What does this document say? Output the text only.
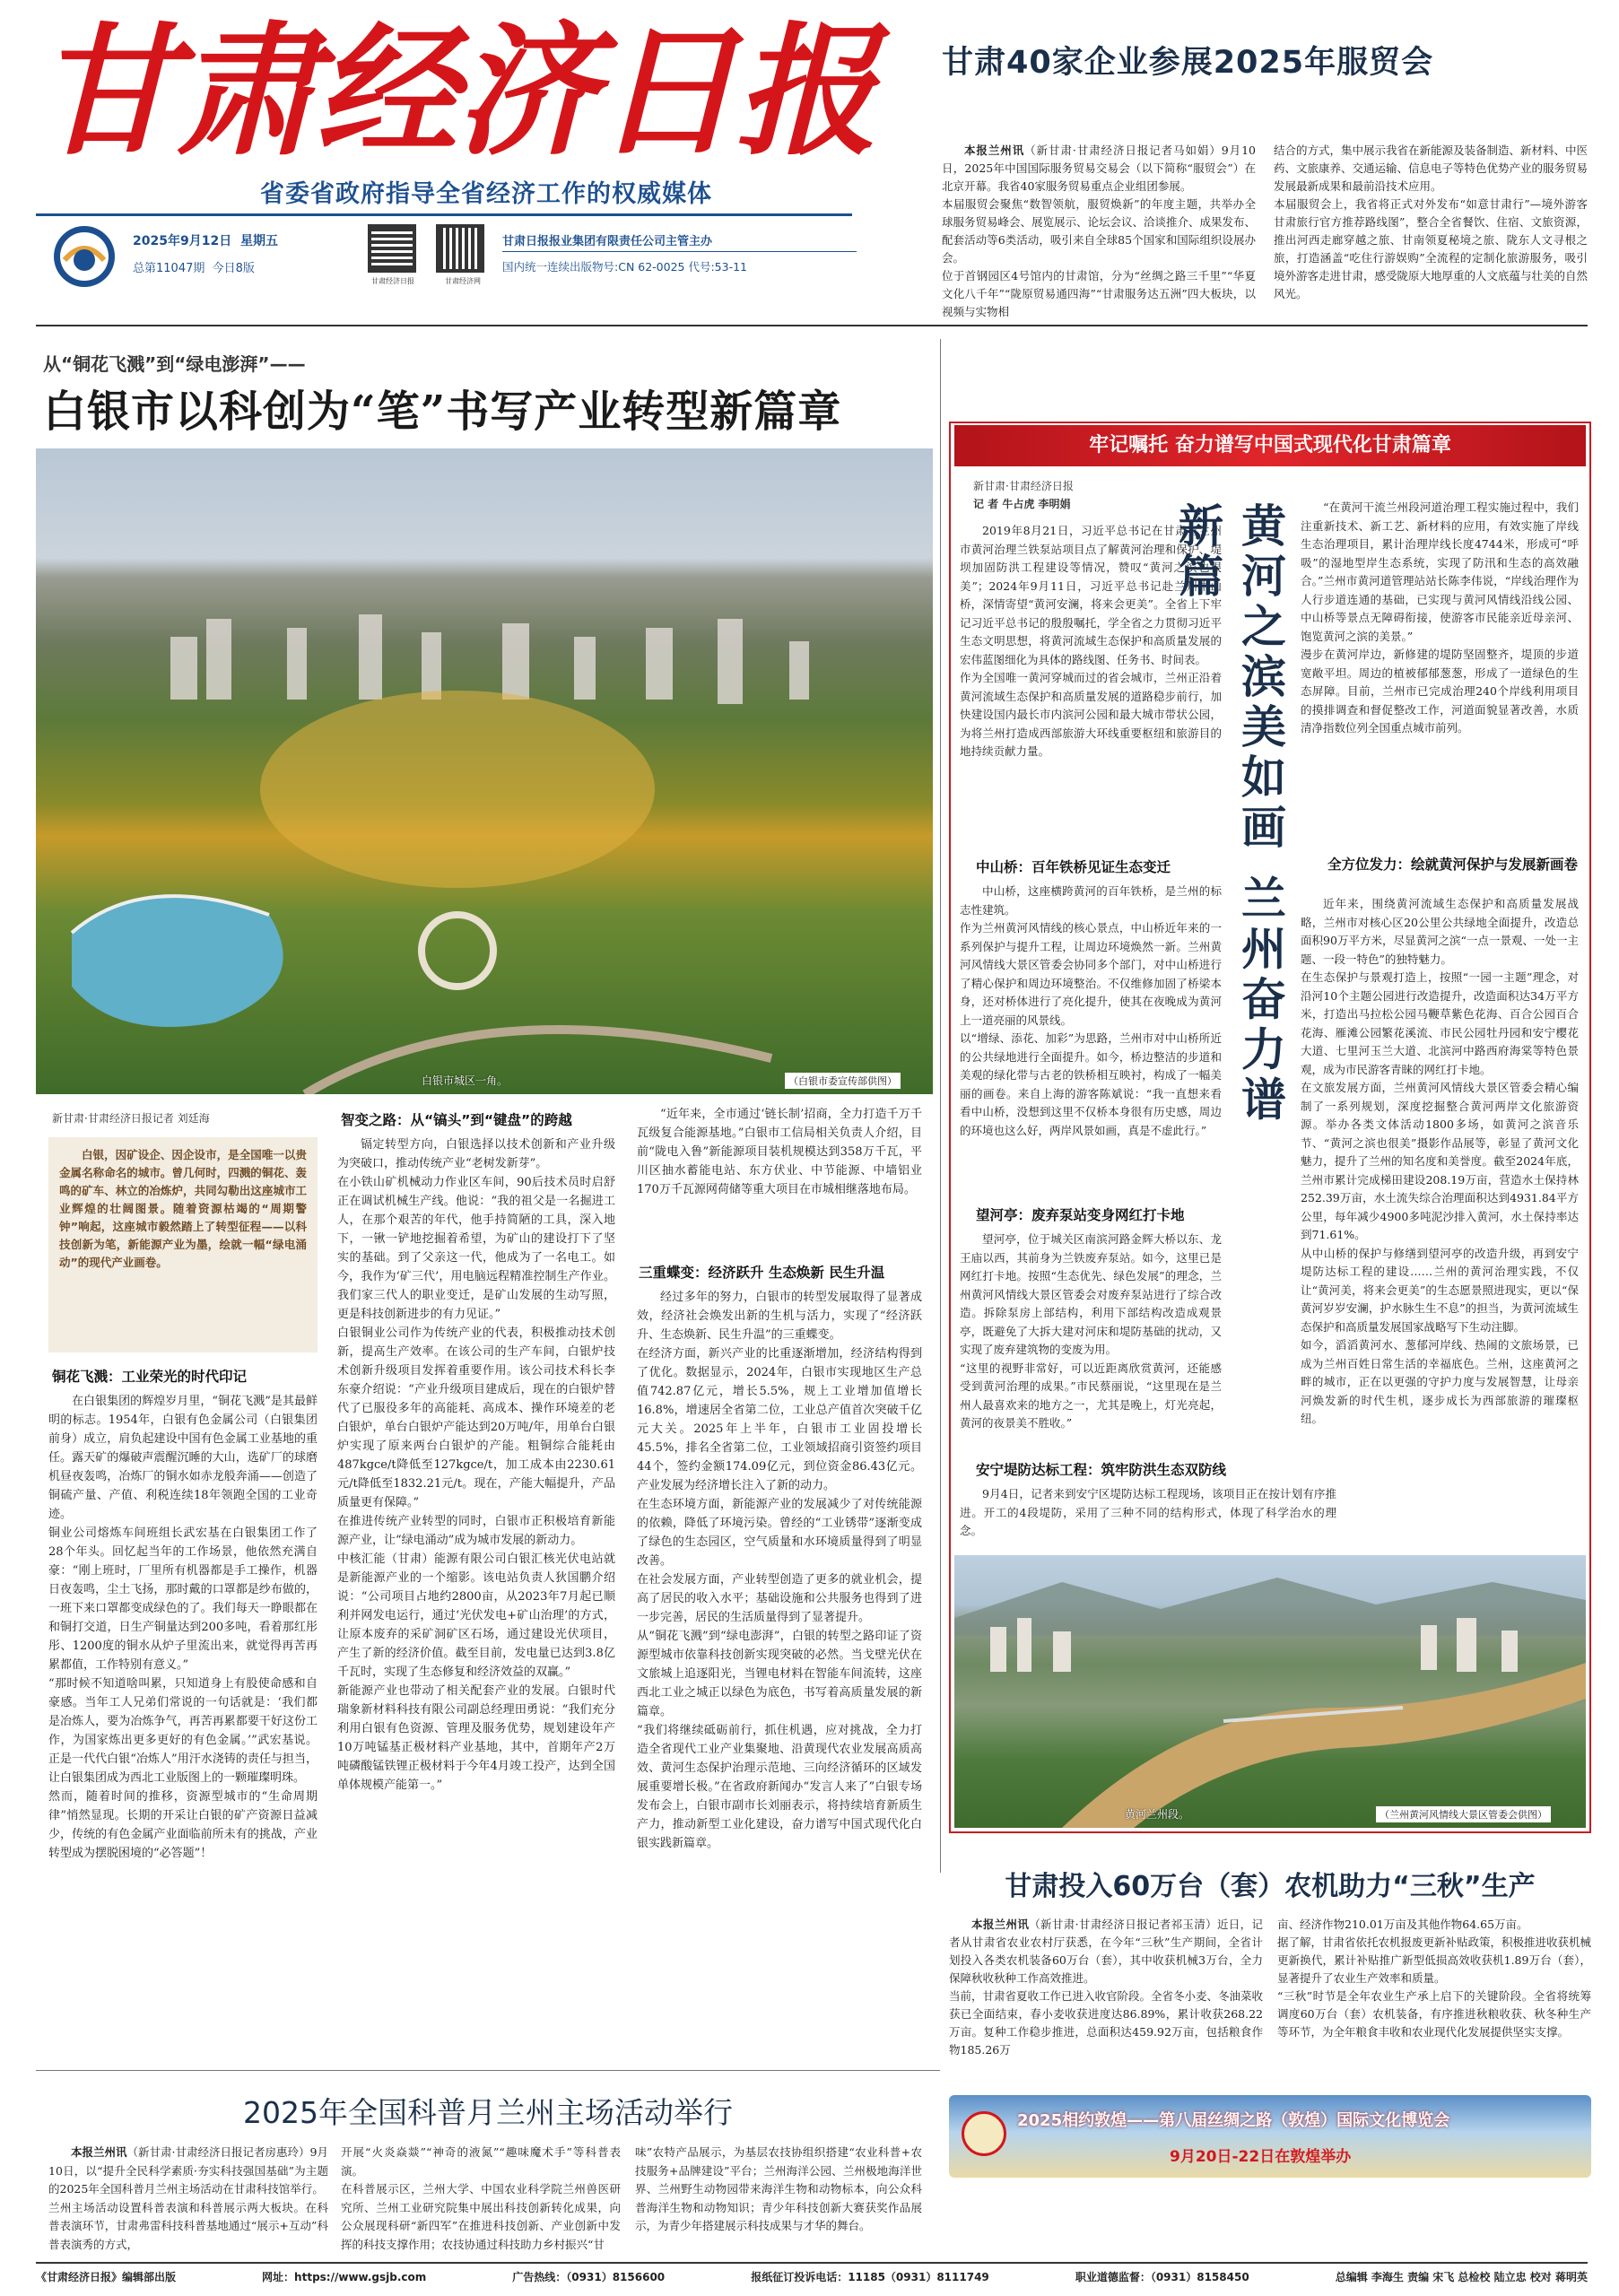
甘肃经济日报
省委省政府指导全省经济工作的权威媒体
2025年9月12日 星期五
总第11047期 今日8版
甘肃经济日报	甘肃经济网
甘肃日报报业集团有限责任公司主管主办
国内统一连续出版物号:CN 62-0025 代号:53-11
甘肃40家企业参展2025年服贸会

本报兰州讯（新甘肃·甘肃经济日报记者马如娟）9月10日，2025年中国国际服务贸易交易会（以下简称“服贸会”）在北京开幕。我省40家服务贸易重点企业组团参展。
本届服贸会聚焦“数智领航，服贸焕新”的年度主题，共举办全球服务贸易峰会、展览展示、论坛会议、洽谈推介、成果发布、配套活动等6类活动，吸引来自全球85个国家和国际组织设展办会。
位于首钢园区4号馆内的甘肃馆，分为“丝绸之路三千里”“华夏文化八千年”“陇原贸易通四海”“甘肃服务达五洲”四大板块，以视频与实物相

结合的方式，集中展示我省在新能源及装备制造、新材料、中医药、文旅康养、交通运输、信息电子等特色优势产业的服务贸易发展最新成果和最前沿技术应用。
本届服贸会上，我省将正式对外发布“如意甘肃行”—境外游客甘肃旅行官方推荐路线图”，整合全省餐饮、住宿、文旅资源，推出河西走廊穿越之旅、甘南领夏秘境之旅、陇东人文寻根之旅，打造涵盖“吃住行游娱购”全流程的定制化旅游服务，吸引境外游客走进甘肃，感受陇原大地厚重的人文底蕴与壮美的自然风光。

从“铜花飞溅”到“绿电澎湃”——
白银市以科创为“笔”书写产业转型新篇章
白银市城区一角。	（白银市委宣传部供图）
新甘肃·甘肃经济日报记者 刘廷海

白银，因矿设企、因企设市，是全国唯一以贵金属名称命名的城市。曾几何时，四溅的铜花、轰鸣的矿车、林立的冶炼炉，共同勾勒出这座城市工业辉煌的壮阔图景。随着资源枯竭的“周期警钟”响起，这座城市毅然踏上了转型征程——以科技创新为笔，新能源产业为墨，绘就一幅“绿电涌动”的现代产业画卷。

铜花飞溅：工业荣光的时代印记

在白银集团的辉煌岁月里，“铜花飞溅”是其最鲜明的标志。1954年，白银有色金属公司（白银集团前身）成立，肩负起建设中国有色金属工业基地的重任。露天矿的爆破声震醒沉睡的大山，选矿厂的球磨机昼夜轰鸣，冶炼厂的铜水如赤龙般奔涌——创造了铜硫产量、产值、利税连续18年领跑全国的工业奇迹。
铜业公司熔炼车间班组长武宏基在白银集团工作了28个年头。回忆起当年的工作场景，他依然充满自豪：“刚上班时，厂里所有机器都是手工操作，机器日夜轰鸣，尘土飞扬，那时戴的口罩都是纱布做的，一班下来口罩都变成绿色的了。我们每天一睁眼都在和铜打交道，日生产铜量达到200多吨，看着那红彤彤、1200度的铜水从炉子里流出来，就觉得再苦再累都值，工作特别有意义。”
“那时候不知道啥叫累，只知道身上有股使命感和自豪感。当年工人兄弟们常说的一句话就是：‘我们都是冶炼人，要为冶炼争气，再苦再累都要干好这份工作，为国家炼出更多更好的有色金属。’”武宏基说。正是一代代白银“冶炼人”用汗水浇铸的责任与担当，让白银集团成为西北工业版图上的一颗璀璨明珠。
然而，随着时间的推移，资源型城市的“生命周期律”悄然显现。长期的开采让白银的矿产资源日益减少，传统的有色金属产业面临前所未有的挑战，产业转型成为摆脱困境的“必答题”！

智变之路：从“镐头”到“键盘”的跨越

镉定转型方向，白银选择以技术创新和产业升级为突破口，推动传统产业“老树发新芽”。
在小铁山矿机械动力作业区车间，90后技术员时启舒正在调试机械生产线。他说：“我的祖父是一名掘进工人，在那个艰苦的年代，他手持简陋的工具，深入地下，一锹一铲地挖掘着希望，为矿山的建设打下了坚实的基础。到了父亲这一代，他成为了一名电工。如今，我作为‘矿三代’，用电脑远程精准控制生产作业。我们家三代人的职业变迁，是矿山发展的生动写照，更是科技创新进步的有力见证。”
白银铜业公司作为传统产业的代表，积极推动技术创新，提高生产效率。在该公司的生产车间，白银炉技术创新升级项目发挥着重要作用。该公司技术科长李东豪介绍说：“产业升级项目建成后，现在的白银炉替代了已服役多年的高能耗、高成本、操作环境差的老白银炉，单台白银炉产能达到20万吨/年，用单台白银炉实现了原来两台白银炉的产能。粗铜综合能耗由487kgce/t降低至127kgce/t，加工成本由2230.61元/t降低至1832.21元/t。现在，产能大幅提升，产品质量更有保障。”
在推进传统产业转型的同时，白银市正积极培育新能源产业，让“绿电涌动”成为城市发展的新动力。
中核汇能（甘肃）能源有限公司白银汇核光伏电站就是新能源产业的一个缩影。该电站负责人狄国鹏介绍说：“公司项目占地约2800亩，从2023年7月起已顺利并网发电运行，通过‘光伏发电+矿山治理’的方式，让原本废弃的采矿洞矿区石场，通过建设光伏项目，产生了新的经济价值。截至目前，发电量已达到3.8亿千瓦时，实现了生态修复和经济效益的双赢。”
新能源产业也带动了相关配套产业的发展。白银时代瑞象新材料科技有限公司副总经理田勇说：“我们充分利用白银有色资源、管理及服务优势，规划建设年产10万吨锰基正极材料产业基地，其中，首期年产2万吨磷酸锰铁锂正极材料于今年4月竣工投产，达到全国单体规模产能第一。”

“近年来，全市通过‘链长制’招商，全力打造千万千瓦级复合能源基地。”白银市工信局相关负责人介绍，目前“陇电入鲁”新能源项目装机规模达到358万千瓦，平川区抽水蓄能电站、东方伏业、中节能源、中墙铝业170万千瓦源网荷储等重大项目在市城相继落地布局。

三重蝶变：经济跃升 生态焕新 民生升温

经过多年的努力，白银市的转型发展取得了显著成效，经济社会焕发出新的生机与活力，实现了“经济跃升、生态焕新、民生升温”的三重蝶变。
在经济方面，新兴产业的比重逐渐增加，经济结构得到了优化。数据显示，2024年，白银市实现地区生产总值742.87亿元，增长5.5%，规上工业增加值增长16.8%，增速居全省第二位，工业总产值首次突破千亿元大关。2025年上半年，白银市工业固投增长45.5%，排名全省第二位，工业领域招商引资签约项目44个，签约金额174.09亿元，到位资金86.43亿元。产业发展为经济增长注入了新的动力。
在生态环境方面，新能源产业的发展减少了对传统能源的依赖，降低了环境污染。曾经的“工业锈带”逐渐变成了绿色的生态园区，空气质量和水环境质量得到了明显改善。
在社会发展方面，产业转型创造了更多的就业机会，提高了居民的收入水平；基础设施和公共服务也得到了进一步完善，居民的生活质量得到了显著提升。
从“铜花飞溅”到“绿电澎湃”，白银的转型之路印证了资源型城市依靠科技创新实现突破的必然。当戈壁光伏在文旅城上追逐阳光，当锂电材料在智能车间流转，这座西北工业之城正以绿色为底色，书写着高质量发展的新篇章。
“我们将继续砥砺前行，抓住机遇，应对挑战，全力打造全省现代工业产业集聚地、沿黄现代农业发展高质高效、黄河生态保护治理示范地、三向经济循环的区域发展重要增长极。”在省政府新闻办“发言人来了”白银专场发布会上，白银市副市长刘丽表示，将持续培育新质生产力，推动新型工业化建设，奋力谱写中国式现代化白银实践新篇章。

牢记嘱托 奋力谱写中国式现代化甘肃篇章
新甘肃·甘肃经济日报
记 者 牛占虎 李明娟

2019年8月21日，习近平总书记在甘肃省兰州市黄河治理兰铁泵站项目点了解黄河治理和保护、堤坝加固防洪工程建设等情况，赞叹“黄河之滨也很美”；2024年9月11日，习近平总书记赴兰州中山桥，深情寄望“黄河安澜，将来会更美”。全省上下牢记习近平总书记的殷殷嘱托，学全省之力贯彻习近平生态文明思想，将黄河流域生态保护和高质量发展的宏伟蓝图细化为具体的路线图、任务书、时间表。
作为全国唯一黄河穿城而过的省会城市，兰州正沿着黄河流域生态保护和高质量发展的道路稳步前行，加快建设国内最长市内滨河公园和最大城市带状公园，为将兰州打造成西部旅游大环线重要枢纽和旅游目的地持续贡献力量。	黄河之滨美如画 兰州奋力谱新篇
中山桥：百年铁桥见证生态变迁

中山桥，这座横跨黄河的百年铁桥，是兰州的标志性建筑。
作为兰州黄河风情线的核心景点，中山桥近年来的一系列保护与提升工程，让周边环境焕然一新。兰州黄河风情线大景区管委会协同多个部门，对中山桥进行了精心保护和周边环境整治。不仅维修加固了桥梁本身，还对桥体进行了亮化提升，使其在夜晚成为黄河上一道亮丽的风景线。
以“增绿、添花、加彩”为思路，兰州市对中山桥所近的公共绿地进行全面提升。如今，桥边整洁的步道和美观的绿化带与古老的铁桥相互映衬，构成了一幅美丽的画卷。来自上海的游客陈斌说：“我一直想来看看中山桥，没想到这里不仅桥本身很有历史感，周边的环境也这么好，两岸风景如画，真是不虚此行。”

望河亭：废弃泵站变身网红打卡地

望河亭，位于城关区南滨河路金辉大桥以东、龙王庙以西，其前身为兰铁废弃泵站。如今，这里已是网红打卡地。按照“生态优先、绿色发展”的理念，兰州黄河风情线大景区管委会对废弃泵站进行了综合改造。拆除泵房上部结构，利用下部结构改造成观景亭，既避免了大拆大建对河床和堤防基础的扰动，又实现了废弃建筑物的变废为用。
“这里的视野非常好，可以近距离欣赏黄河，还能感受到黄河治理的成果。”市民蔡丽说，“这里现在是兰州人最喜欢来的地方之一，尤其是晚上，灯光亮起，黄河的夜景美不胜收。”

安宁堤防达标工程：筑牢防洪生态双防线

9月4日，记者来到安宁区堤防达标工程现场，该项目正在按计划有序推进。开工的4段堤防，采用了三种不同的结构形式，体现了科学治水的理念。

“在黄河干流兰州段河道治理工程实施过程中，我们注重新技术、新工艺、新材料的应用，有效实施了岸线生态治理项目，累计治理岸线长度4744米，形成可“呼吸”的湿地型岸生态系统，实现了防汛和生态的高效融合。”兰州市黄河道管理站站长陈李伟说，“岸线治理作为人行步道连通的基础，已实现与黄河风情线沿线公园、中山桥等景点无障碍衔接，使游客市民能亲近母亲河、饱览黄河之滨的美景。”
漫步在黄河岸边，新修建的堤防坚固整齐，堤顶的步道宽敞平坦。周边的植被郁郁葱葱，形成了一道绿色的生态屏障。目前，兰州市已完成治理240个岸线利用项目的摸排调查和督促整改工作，河道面貌显著改善，水质清净指数位列全国重点城市前列。

全方位发力：绘就黄河保护与发展新画卷

近年来，围绕黄河流域生态保护和高质量发展战略，兰州市对核心区20公里公共绿地全面提升，改造总面积90万平方米，尽显黄河之滨“一点一景观、一处一主题、一段一特色”的独特魅力。
在生态保护与景观打造上，按照“一园一主题”理念，对沿河10个主题公园进行改造提升，改造面积达34万平方米，打造出马拉松公园马鞭草紫色花海、百合公园百合花海、雁滩公园繁花溪流、市民公园牡丹园和安宁樱花大道、七里河玉兰大道、北滨河中路西府海棠等特色景观，成为市民游客青睐的网红打卡地。
在文旅发展方面，兰州黄河风情线大景区管委会精心编制了一系列规划，深度挖掘整合黄河两岸文化旅游资源。举办各类文体活动1800多场，如黄河之滨音乐节、“黄河之滨也很美”摄影作品展等，彰显了黄河文化魅力，提升了兰州的知名度和美誉度。截至2024年底，兰州市累计完成梯田建设208.19万亩，营造水土保持林252.39万亩，水土流失综合治理面积达到4931.84平方公里，每年减少4900多吨泥沙排入黄河，水土保持率达到71.61%。
从中山桥的保护与修缮到望河亭的改造升级，再到安宁堤防达标工程的建设……兰州的黄河治理实践，不仅让“黄河美，将来会更美”的生态愿景照进现实，更以“保黄河岁岁安澜，护水脉生生不息”的担当，为黄河流域生态保护和高质量发展国家战略写下生动注脚。
如今，滔滔黄河水、葱郁河岸线、热闹的文旅场景，已成为兰州百姓日常生活的幸福底色。兰州，这座黄河之畔的城市，正在以更强的守护力度与发展智慧，让母亲河焕发新的时代生机，逐步成长为西部旅游的璀璨枢纽。

黄河兰州段。	（兰州黄河风情线大景区管委会供图）
甘肃投入60万台（套）农机助力“三秋”生产

本报兰州讯（新甘肃·甘肃经济日报记者祁玉清）近日，记者从甘肃省农业农村厅获悉，在今年“三秋”生产期间，全省计划投入各类农机装备60万台（套），其中收获机械3万台，全力保障秋收秋种工作高效推进。
当前，甘肃省夏收工作已进入收官阶段。全省冬小麦、冬油菜收获已全面结束，春小麦收获进度达86.89%，累计收获268.22万亩。复种工作稳步推进，总面积达459.92万亩，包括粮食作物185.26万

亩、经济作物210.01万亩及其他作物64.65万亩。
据了解，甘肃省依托农机报废更新补贴政策，积极推进收获机械更新换代，累计补贴推广新型低损高效收获机1.89万台（套），显著提升了农业生产效率和质量。
“三秋”时节是全年农业生产承上启下的关键阶段。全省将统筹调度60万台（套）农机装备，有序推进秋粮收获、秋冬种生产等环节，为全年粮食丰收和农业现代化发展提供坚实支撑。

2025相约敦煌——第八届丝绸之路（敦煌）国际文化博览会
9月20日-22日在敦煌举办
2025年全国科普月兰州主场活动举行

本报兰州讯（新甘肃·甘肃经济日报记者房惠玲）9月10日，以“提升全民科学素质·夯实科技强国基础”为主题的2025年全国科普月兰州主场活动在甘肃科技馆举行。
兰州主场活动设置科普表演和科普展示两大板块。在科普表演环节，甘肃弗雷科技科普基地通过“展示+互动”科普表演秀的方式，

开展“火炎焱燚”“神奇的液氮”“趣味魔术手”等科普表演。
在科普展示区，兰州大学、中国农业科学院兰州兽医研究所、兰州工业研究院集中展出科技创新转化成果，向公众展现科研“新四军”在推进科技创新、产业创新中发挥的科技支撑作用；农技协通过科技助力乡村振兴“甘

味”农特产品展示，为基层农技协组织搭建“农业科普+农技服务+品牌建设”平台；兰州海洋公园、兰州极地海洋世界、兰州野生动物园带来海洋生物和动物标本，向公众科普海洋生物和动物知识；青少年科技创新大赛获奖作品展示，为青少年搭建展示科技成果与才华的舞台。

《甘肃经济日报》编辑部出版	网址：https://www.gsjb.com	广告热线：（0931）8156600	报纸征订投诉电话：11185（0931）8111749	职业道德监督：（0931）8158450	总编辑 李海生 责编 宋飞 总检校 陆立忠 校对 蒋明英
